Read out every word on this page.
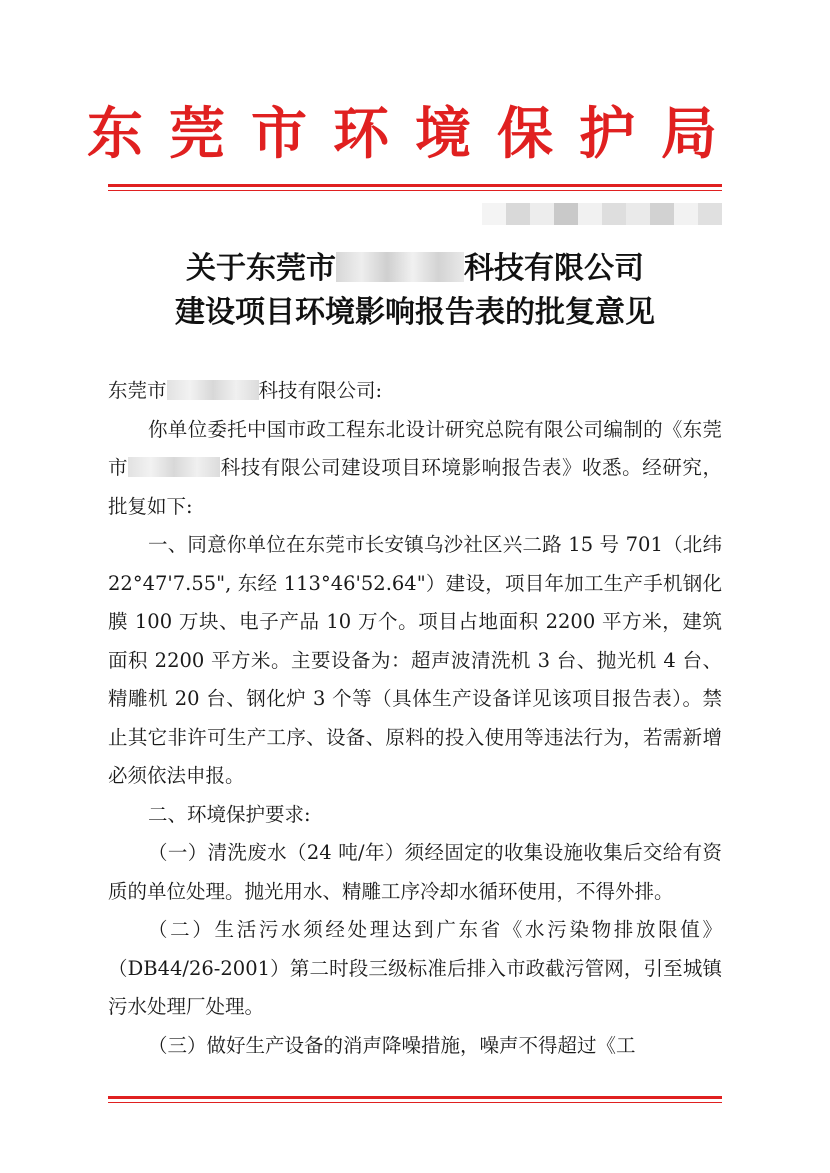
东莞市环境保护局
关于东莞市	科技有限公司
建设项目环境影响报告表的批复意见

东莞市	科技有限公司:

你单位委托中国市政工程东北设计研究总院有限公司编制的《东莞市	科技有限公司建设项目环境影响报告表》收悉。经研究，批复如下:

一、同意你单位在东莞市长安镇乌沙社区兴二路 15 号 701（北纬 22°47'7.55", 东经 113°46'52.64"）建设，项目年加工生产手机钢化膜 100 万块、电子产品 10 万个。项目占地面积 2200 平方米，建筑面积 2200 平方米。主要设备为：超声波清洗机 3 台、抛光机 4 台、精雕机 20 台、钢化炉 3 个等（具体生产设备详见该项目报告表）。禁止其它非许可生产工序、设备、原料的投入使用等违法行为，若需新增必须依法申报。

二、环境保护要求:

（一）清洗废水（24 吨/年）须经固定的收集设施收集后交给有资质的单位处理。抛光用水、精雕工序冷却水循环使用，不得外排。

（二）生活污水须经处理达到广东省《水污染物排放限值》（DB44/26-2001）第二时段三级标准后排入市政截污管网，引至城镇污水处理厂处理。

（三）做好生产设备的消声降噪措施，噪声不得超过《工
